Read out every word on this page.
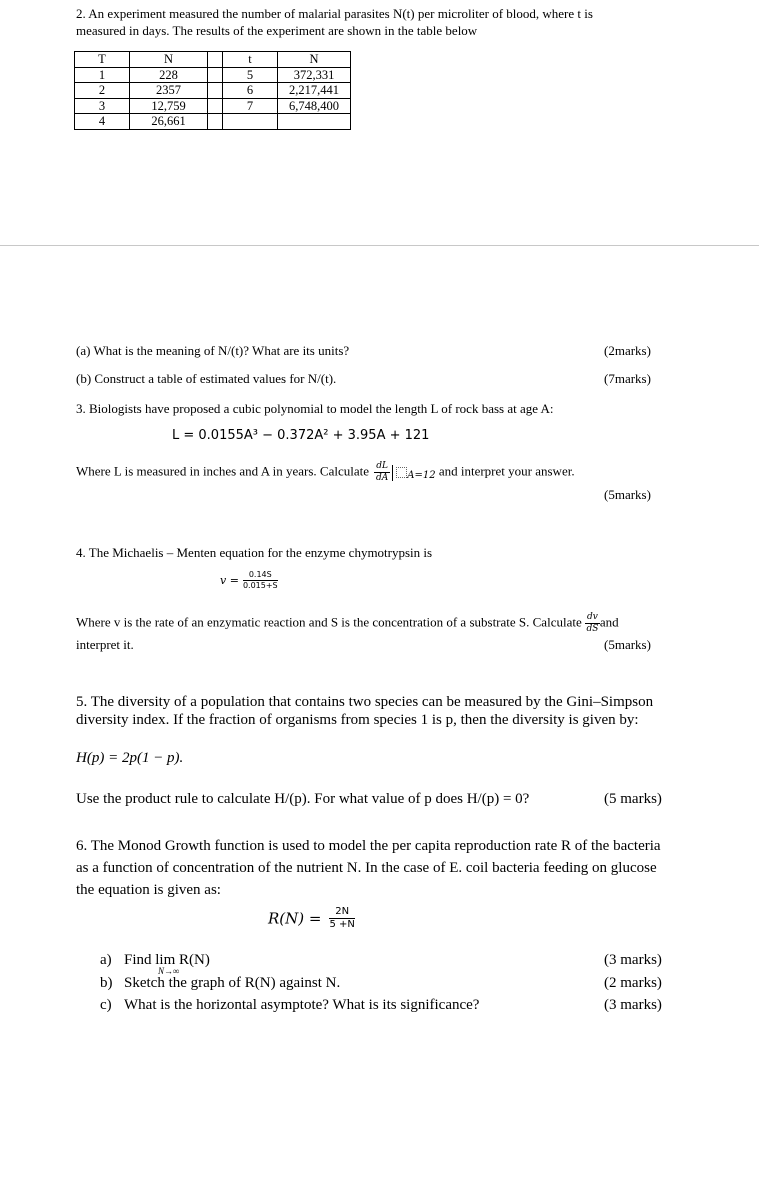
2. An experiment measured the number of malarial parasites N(t) per microliter of blood, where t is
measured in days. The results of the experiment are shown in the table below
T	N		t	N
1	228		5	372,331
2	2357		6	2,217,441
3	12,759		7	6,748,400
4	26,661			
(a) What is the meaning of N/(t)? What are its units?	(2marks)
(b) Construct a table of estimated values for N/(t).	(7marks)
3. Biologists have proposed a cubic polynomial to model the length L of rock bass at age A:
L = 0.0155A³ − 0.372A² + 3.95A + 121
Where L is measured in inches and A in years. Calculate $\frac{dL}{dA} _{A=12}$ and interpret your answer.
(5marks)
4. The Michaelis – Menten equation for the enzyme chymotrypsin is
$v = \frac{0.14S}{0.015+S}$
Where v is the rate of an enzymatic reaction and S is the concentration of a substrate S. Calculate $\frac{dv}{dS}$ and
interpret it.	(5marks)
5. The diversity of a population that contains two species can be measured by the Gini–Simpson
diversity index. If the fraction of organisms from species 1 is p, then the diversity is given by:
H(p) = 2p(1 − p).
Use the product rule to calculate H/(p). For what value of p does H/(p) = 0?	(5 marks)
6. The Monod Growth function is used to model the per capita reproduction rate R of the bacteria
as a function of concentration of the nutrient N. In the case of E. coil bacteria feeding on glucose
the equation is given as:
$R(N) = \frac{2N}{5 +N}$
a) Find lim R(N)
N→∞
(3 marks)
b) Sketch the graph of R(N) against N.	(2 marks)
c) What is the horizontal asymptote? What is its significance?	(3 marks)
